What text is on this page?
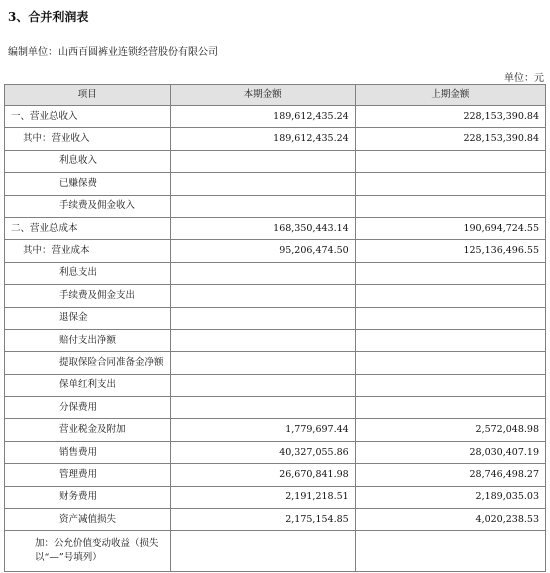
3、合并利润表
编制单位：山西百圆裤业连锁经营股份有限公司
单位：元
项目	本期金额	上期金额
一、营业总收入	189,612,435.24	228,153,390.84
其中：营业收入	189,612,435.24	228,153,390.84
利息收入		
已赚保费		
手续费及佣金收入		
二、营业总成本	168,350,443.14	190,694,724.55
其中：营业成本	95,206,474.50	125,136,496.55
利息支出		
手续费及佣金支出		
退保金		
赔付支出净额		
提取保险合同准备金净额		
保单红利支出		
分保费用		
营业税金及附加	1,779,697.44	2,572,048.98
销售费用	40,327,055.86	28,030,407.19
管理费用	26,670,841.98	28,746,498.27
财务费用	2,191,218.51	2,189,035.03
资产减值损失	2,175,154.85	4,020,238.53
加：公允价值变动收益（损失以“—”号填列）		
